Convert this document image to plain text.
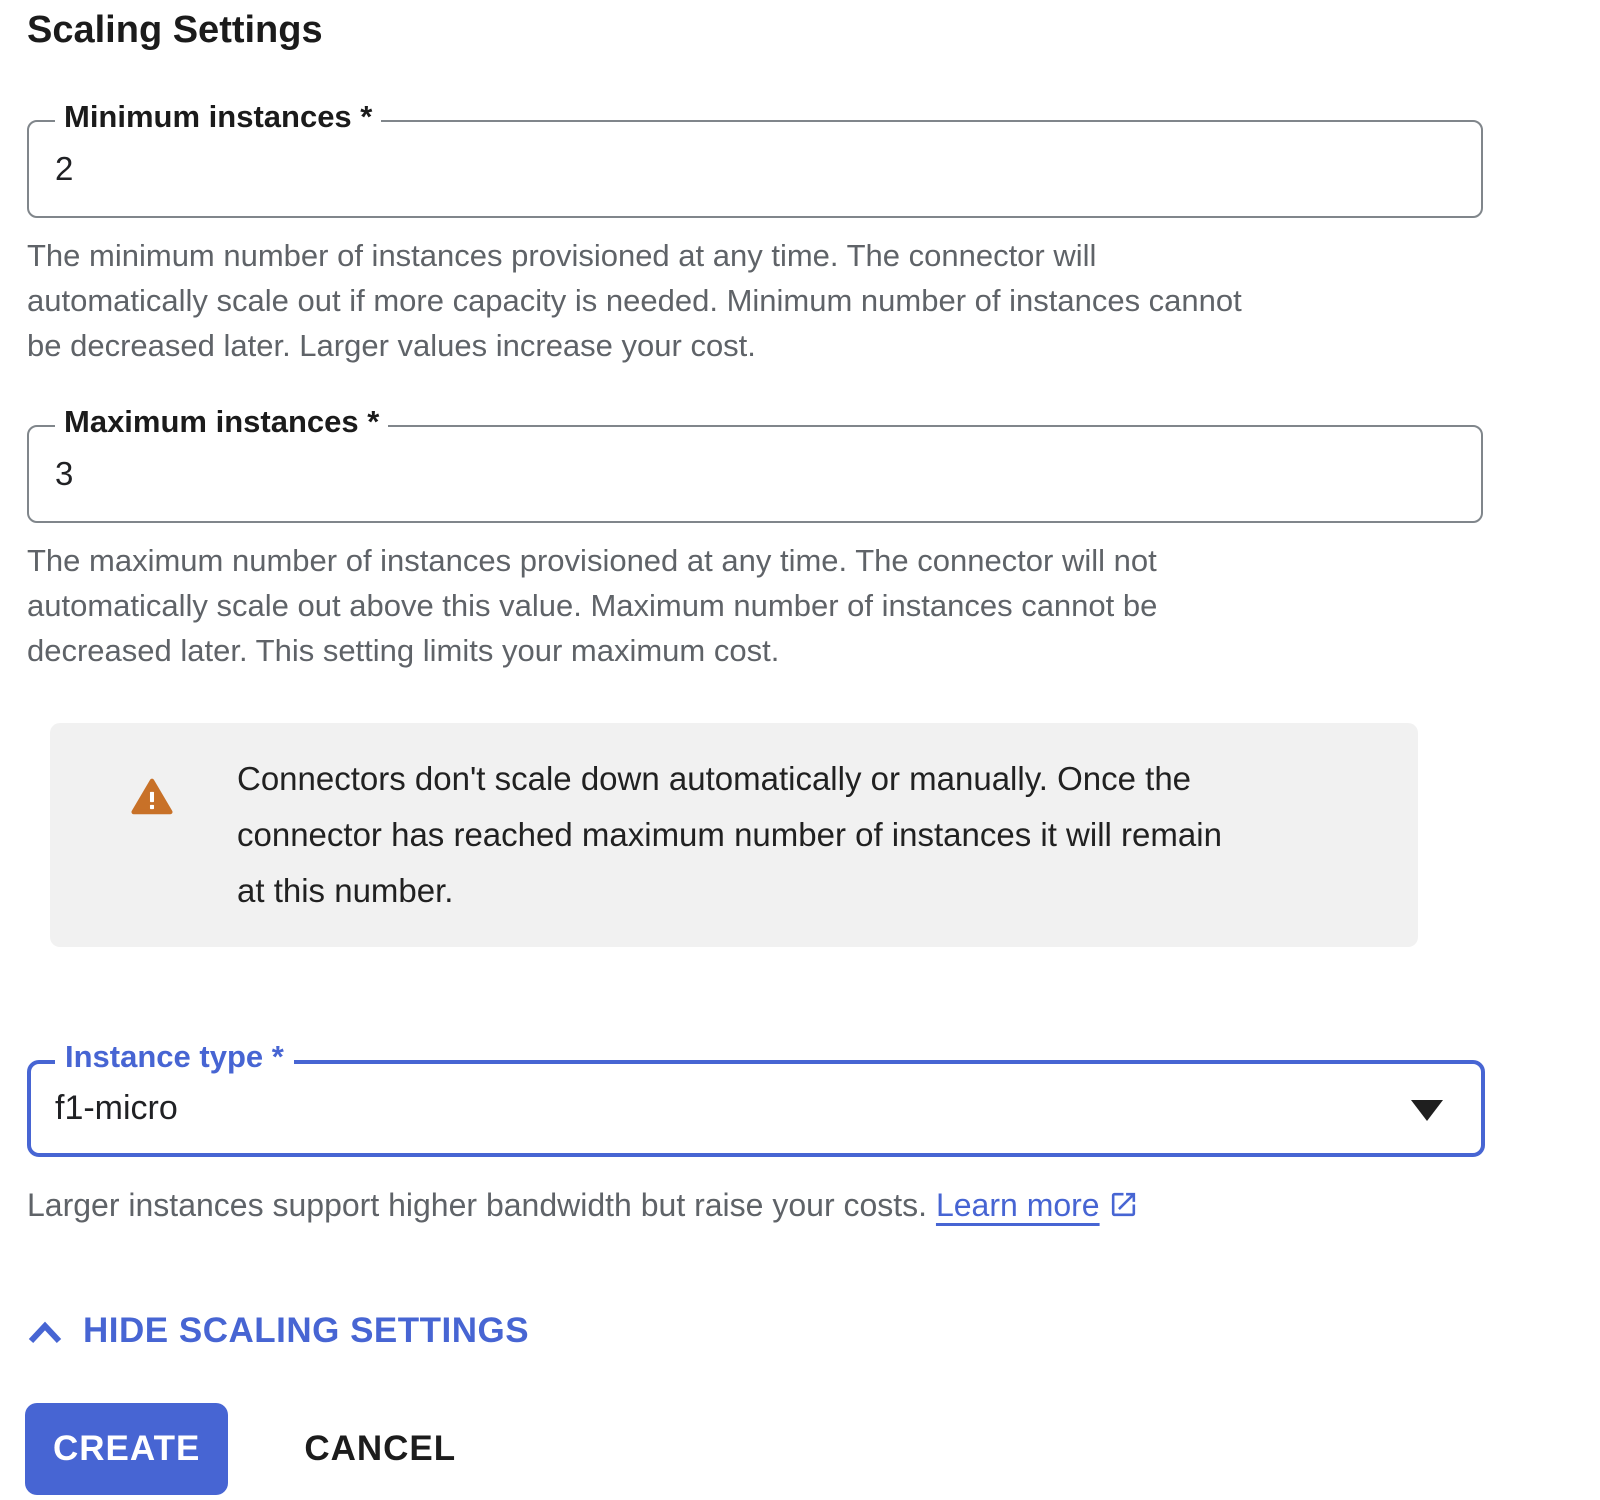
Scaling Settings
Minimum instances *
2
The minimum number of instances provisioned at any time. The connector will
automatically scale out if more capacity is needed. Minimum number of instances cannot
be decreased later. Larger values increase your cost.
Maximum instances *
3
The maximum number of instances provisioned at any time. The connector will not
automatically scale out above this value. Maximum number of instances cannot be
decreased later. This setting limits your maximum cost.
Connectors don't scale down automatically or manually. Once the
connector has reached maximum number of instances it will remain
at this number.
Instance type *
f1-micro
Larger instances support higher bandwidth but raise your costs. Learn more
HIDE SCALING SETTINGS
CREATE	CANCEL
